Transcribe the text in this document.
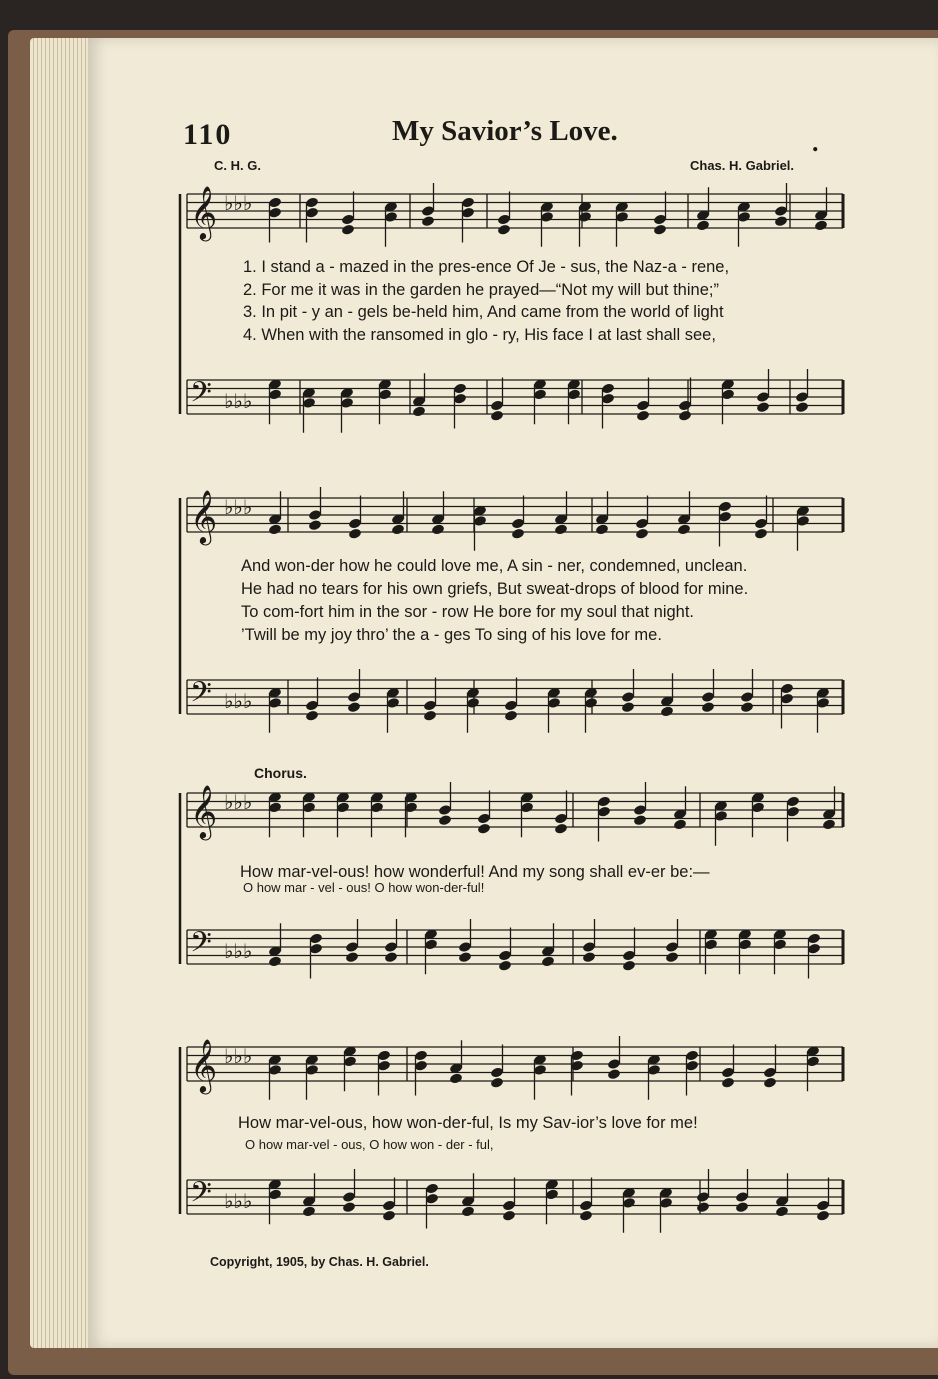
𝄞 ♭♭♭
𝄢 ♭♭♭
𝄞 ♭♭♭
𝄢 ♭♭♭
𝄞 ♭♭♭
𝄢 ♭♭♭
𝄞 ♭♭♭
𝄢 ♭♭♭
110	My Savior’s Love.	.
C. H. G.	Chas. H. Gabriel.
1. I stand a - mazed in the pres-ence Of Je - sus, the Naz-a - rene,
2. For me it was in the garden he prayed—“Not my will but thine;”
3. In pit - y an - gels be-held him, And came from the world of light
4. When with the ransomed in glo - ry, His face I at last shall see,
And won-der how he could love me, A sin - ner, condemned, unclean.
He had no tears for his own griefs, But sweat-drops of blood for mine.
To com-fort him in the sor - row He bore for my soul that night.
’Twill be my joy thro’ the a - ges To sing of his love for me.
Chorus.
How mar-vel-ous! how wonderful! And my song shall ev-er be:—
O how mar - vel - ous! O how won-der-ful!
How mar-vel-ous, how won-der-ful, Is my Sav-ior’s love for me!
O how mar-vel - ous, O how won - der - ful,
Copyright, 1905, by Chas. H. Gabriel.
